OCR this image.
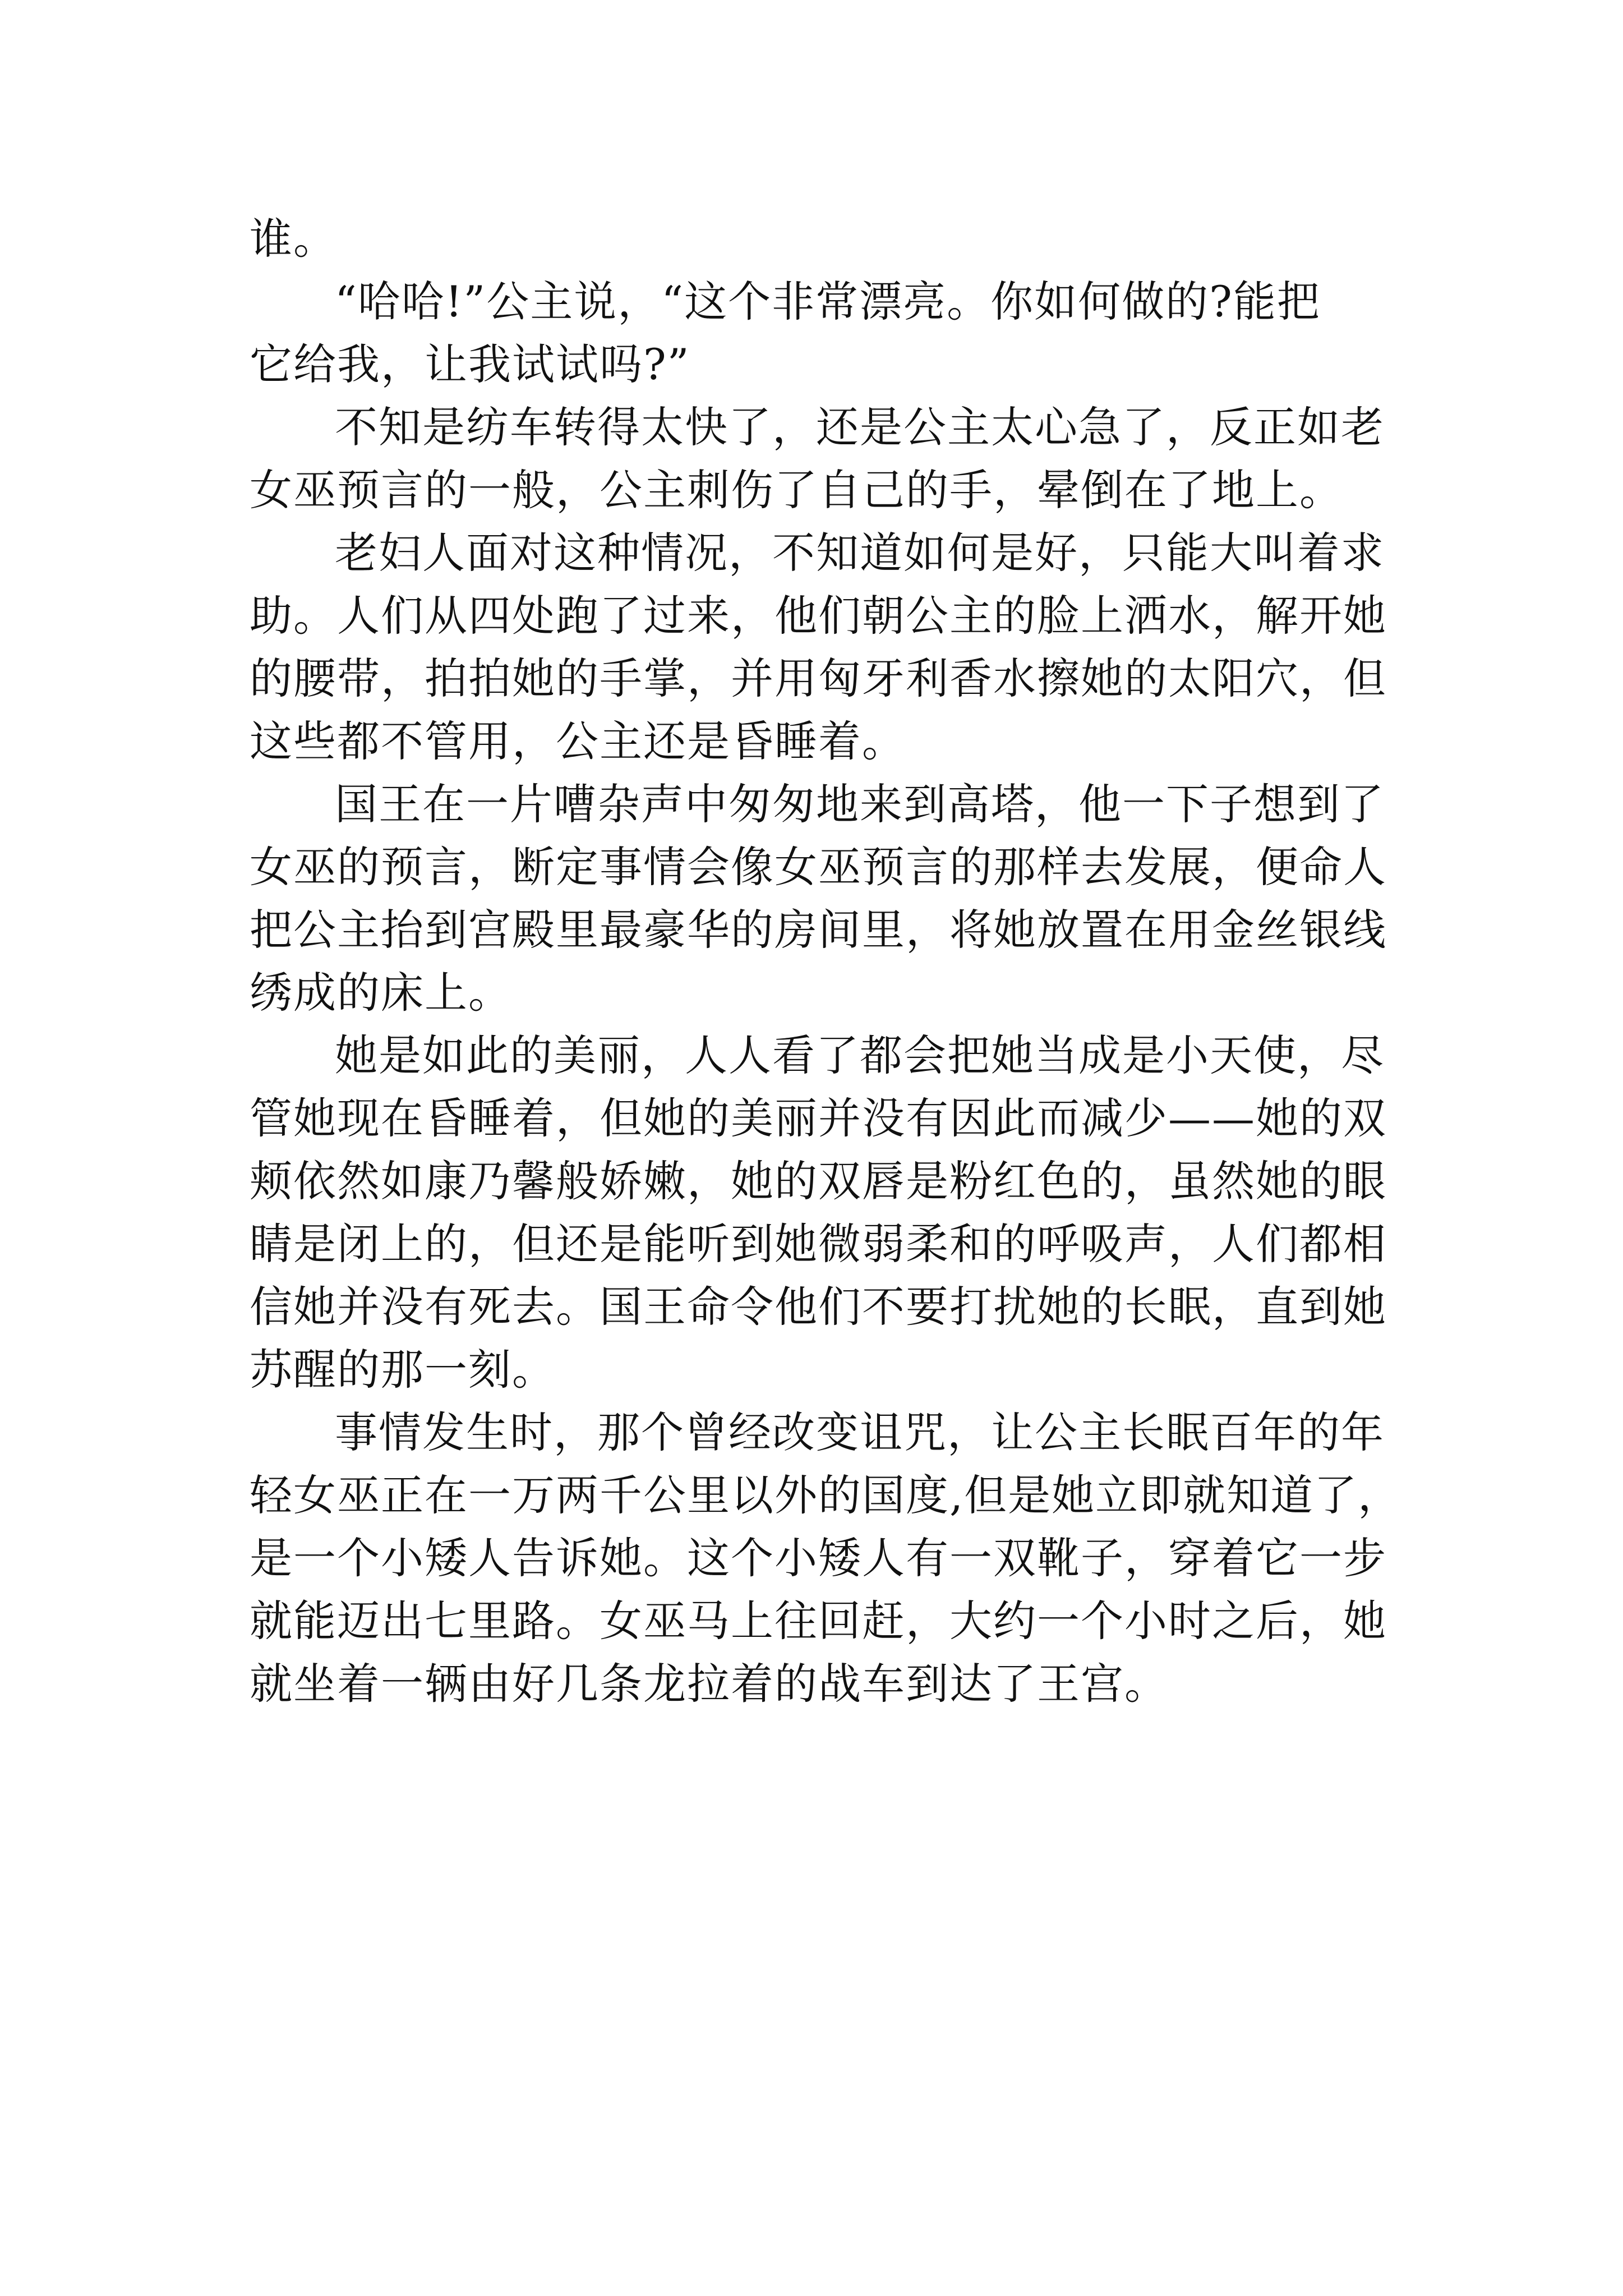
谁。
“哈哈!”公主说，“这个非常漂亮。你如何做的?能把
它给我，让我试试吗?”
不知是纺车转得太快了，还是公主太心急了，反正如老
女巫预言的一般，公主刺伤了自己的手，晕倒在了地上。
老妇人面对这种情况，不知道如何是好，只能大叫着求
助。人们从四处跑了过来，他们朝公主的脸上洒水，解开她
的腰带，拍拍她的手掌，并用匈牙利香水擦她的太阳穴，但
这些都不管用，公主还是昏睡着。
国王在一片嘈杂声中匆匆地来到高塔，他一下子想到了
女巫的预言，断定事情会像女巫预言的那样去发展，便命人
把公主抬到宫殿里最豪华的房间里，将她放置在用金丝银线
绣成的床上。
她是如此的美丽，人人看了都会把她当成是小天使，尽
管她现在昏睡着，但她的美丽并没有因此而减少——她的双
颊依然如康乃馨般娇嫩，她的双唇是粉红色的，虽然她的眼
睛是闭上的，但还是能听到她微弱柔和的呼吸声，人们都相
信她并没有死去。国王命令他们不要打扰她的长眠，直到她
苏醒的那一刻。
事情发生时，那个曾经改变诅咒，让公主长眠百年的年
轻女巫正在一万两千公里以外的国度,但是她立即就知道了，
是一个小矮人告诉她。这个小矮人有一双靴子，穿着它一步
就能迈出七里路。女巫马上往回赶，大约一个小时之后，她
就坐着一辆由好几条龙拉着的战车到达了王宫。
